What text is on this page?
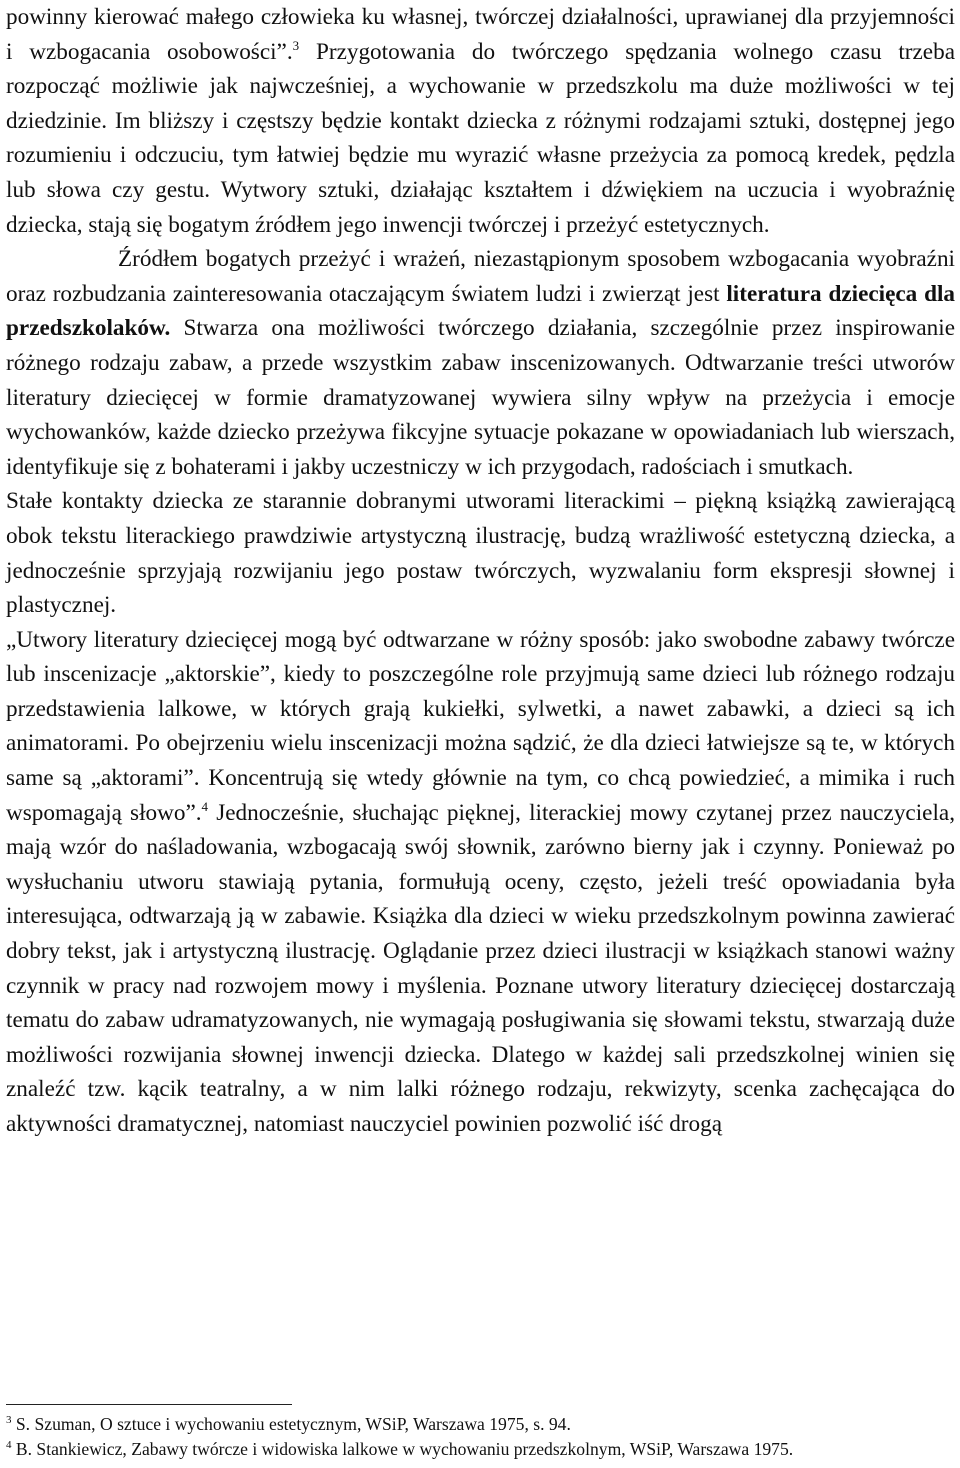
powinny kierować małego człowieka ku własnej, twórczej działalności, uprawianej dla przyjemności i wzbogacania osobowości”.$^3$ Przygotowania do twórczego spędzania wolnego czasu trzeba rozpocząć możliwie jak najwcześniej, a wychowanie w przedszkolu ma duże możliwości w tej dziedzinie. Im bliższy i częstszy będzie kontakt dziecka z różnymi rodzajami sztuki, dostępnej jego rozumieniu i odczuciu, tym łatwiej będzie mu wyrazić własne przeżycia za pomocą kredek, pędzla lub słowa czy gestu. Wytwory sztuki, działając kształtem i dźwiękiem na uczucia i wyobraźnię dziecka, stają się bogatym źródłem jego inwencji twórczej i przeżyć estetycznych.

Źródłem bogatych przeżyć i wrażeń, niezastąpionym sposobem wzbogacania wyobraźni oraz rozbudzania zainteresowania otaczającym światem ludzi i zwierząt jest literatura dziecięca dla przedszkolaków. Stwarza ona możliwości twórczego działania, szczególnie przez inspirowanie różnego rodzaju zabaw, a przede wszystkim zabaw inscenizowanych. Odtwarzanie treści utworów literatury dziecięcej w formie dramatyzowanej wywiera silny wpływ na przeżycia i emocje wychowanków, każde dziecko przeżywa fikcyjne sytuacje pokazane w opowiadaniach lub wierszach, identyfikuje się z bohaterami i jakby uczestniczy w ich przygodach, radościach i smutkach.

Stałe kontakty dziecka ze starannie dobranymi utworami literackimi – piękną książką zawierającą obok tekstu literackiego prawdziwie artystyczną ilustrację, budzą wrażliwość estetyczną dziecka, a jednocześnie sprzyjają rozwijaniu jego postaw twórczych, wyzwalaniu form ekspresji słownej i plastycznej.

„Utwory literatury dziecięcej mogą być odtwarzane w różny sposób: jako swobodne zabawy twórcze lub inscenizacje „aktorskie”, kiedy to poszczególne role przyjmują same dzieci lub różnego rodzaju przedstawienia lalkowe, w których grają kukiełki, sylwetki, a nawet zabawki, a dzieci są ich animatorami. Po obejrzeniu wielu inscenizacji można sądzić, że dla dzieci łatwiejsze są te, w których same są „aktorami”. Koncentrują się wtedy głównie na tym, co chcą powiedzieć, a mimika i ruch wspomagają słowo”.$^4$ Jednocześnie, słuchając pięknej, literackiej mowy czytanej przez nauczyciela, mają wzór do naśladowania, wzbogacają swój słownik, zarówno bierny jak i czynny. Ponieważ po wysłuchaniu utworu stawiają pytania, formułują oceny, często, jeżeli treść opowiadania była interesująca, odtwarzają ją w zabawie. Książka dla dzieci w wieku przedszkolnym powinna zawierać dobry tekst, jak i artystyczną ilustrację. Oglądanie przez dzieci ilustracji w książkach stanowi ważny czynnik w pracy nad rozwojem mowy i myślenia. Poznane utwory literatury dziecięcej dostarczają tematu do zabaw udramatyzowanych, nie wymagają posługiwania się słowami tekstu, stwarzają duże możliwości rozwijania słownej inwencji dziecka. Dlatego w każdej sali przedszkolnej winien się znaleźć tzw. kącik teatralny, a w nim lalki różnego rodzaju, rekwizyty, scenka zachęcająca do aktywności dramatycznej, natomiast nauczyciel powinien pozwolić iść drogą

$^3$ S. Szuman, O sztuce i wychowaniu estetycznym, WSiP, Warszawa 1975, s. 94.

$^4$ B. Stankiewicz, Zabawy twórcze i widowiska lalkowe w wychowaniu przedszkolnym, WSiP, Warszawa 1975.
